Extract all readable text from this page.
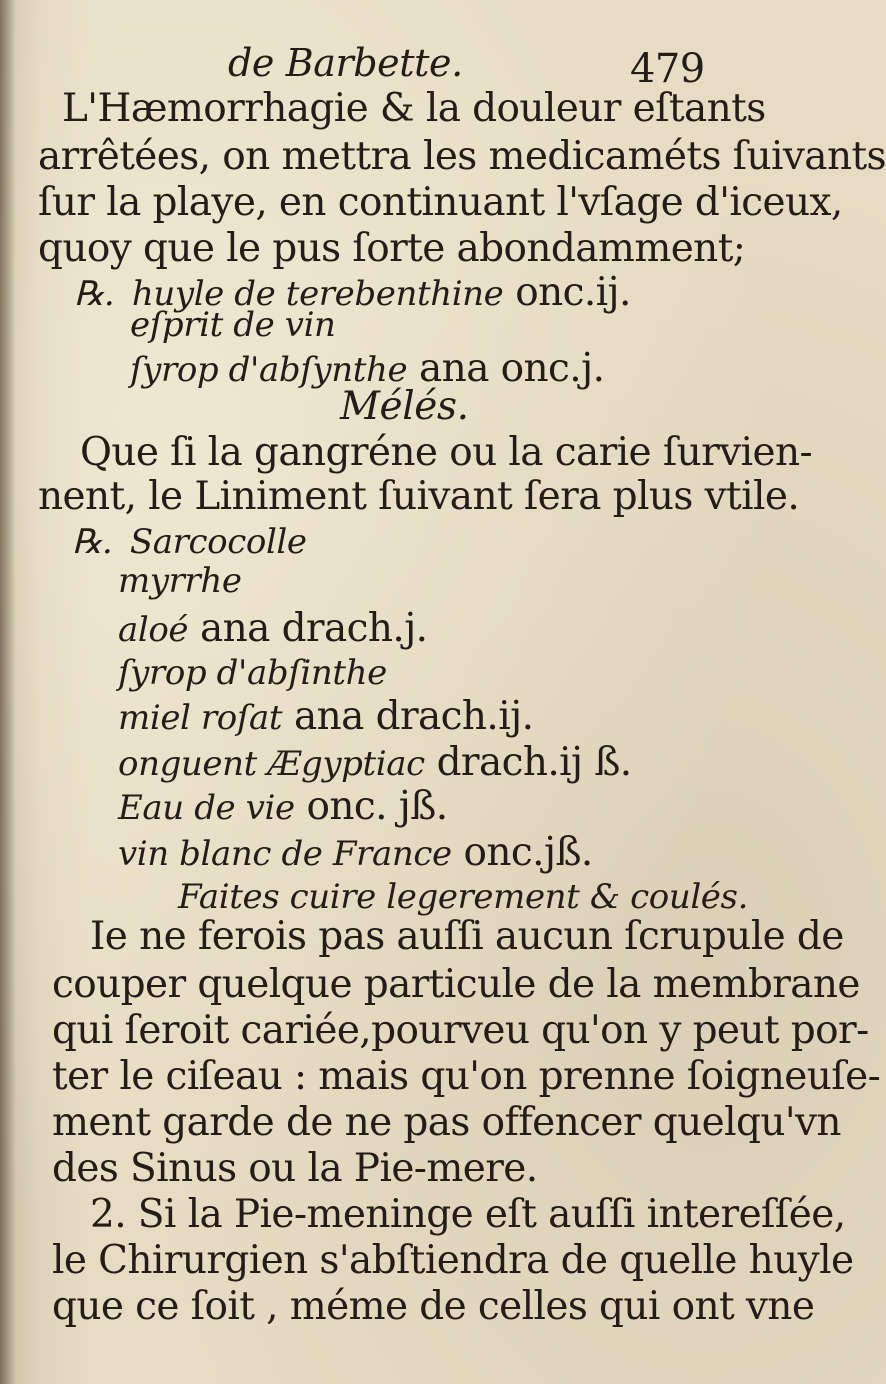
de Barbette.	479
L'Hæmorrhagie & la douleur eſtants
arrêtées, on mettra les medicaméts ſuivants
ſur la playe, en continuant l'vſage d'iceux,
quoy que le pus ſorte abondamment;
℞. huyle de terebenthine onc.ij.
eſprit de vin
ſyrop d'abſynthe ana onc.j.
Mélés.
Que ſi la gangréne ou la carie ſurvien-
nent, le Liniment ſuivant ſera plus vtile.
℞. Sarcocolle
myrrhe
aloé ana drach.j.
ſyrop d'abſinthe
miel roſat ana drach.ij.
onguent Ægyptiac drach.ij ß.
Eau de vie onc. jß.
vin blanc de France onc.jß.
Faites cuire legerement & coulés.
Ie ne ferois pas auſſi aucun ſcrupule de
couper quelque particule de la membrane
qui ſeroit cariée,pourveu qu'on y peut por-
ter le ciſeau : mais qu'on prenne ſoigneuſe-
ment garde de ne pas offencer quelqu'vn
des Sinus ou la Pie-mere.
2. Si la Pie-meninge eſt auſſi intereſſée,
le Chirurgien s'abſtiendra de quelle huyle
que ce ſoit , méme de celles qui ont vne
